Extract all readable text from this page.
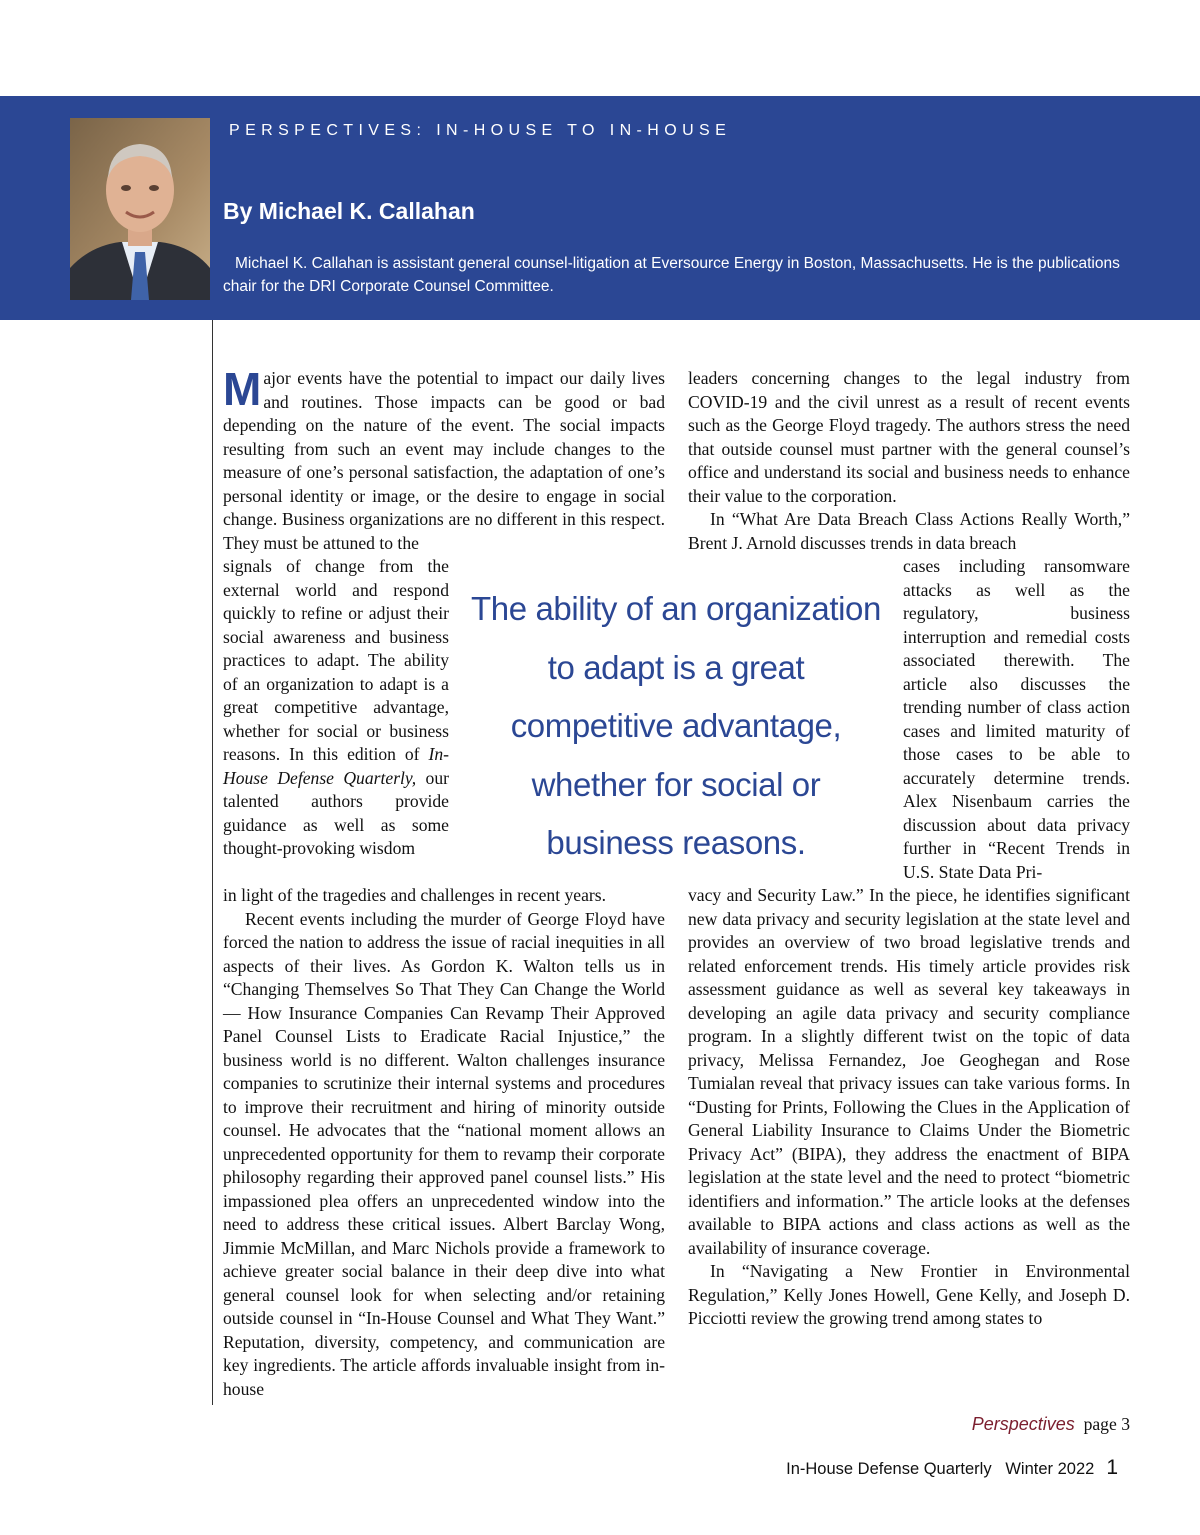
PERSPECTIVES: IN-HOUSE TO IN-HOUSE
By Michael K. Callahan
Michael K. Callahan is assistant general counsel-litigation at Eversource Energy in Boston, Massachusetts. He is the publications chair for the DRI Corporate Counsel Committee.

Major events have the potential to impact our daily lives and routines. Those impacts can be good or bad depending on the nature of the event. The social impacts resulting from such an event may include changes to the measure of one’s personal satisfaction, the adaptation of one’s personal identity or image, or the desire to engage in social change. Business organizations are no different in this respect. They must be attuned to the

signals of change from the external world and respond quickly to refine or adjust their social awareness and business practices to adapt. The ability of an organization to adapt is a great competitive advantage, whether for social or business reasons. In this edition of In-House Defense Quarterly, our talented authors provide guidance as well as some thought-provoking wisdom

The ability of an organization
to adapt is a great
competitive advantage,
whether for social or
business reasons.

in light of the tragedies and challenges in recent years.

Recent events including the murder of George Floyd have forced the nation to address the issue of racial inequities in all aspects of their lives. As Gordon K. Walton tells us in “Changing Themselves So That They Can Change the World — How Insurance Companies Can Revamp Their Approved Panel Counsel Lists to Eradicate Racial Injustice,” the business world is no different. Walton challenges insurance companies to scrutinize their internal systems and procedures to improve their recruitment and hiring of minority outside counsel. He advocates that the “national moment allows an unprecedented opportunity for them to revamp their corporate philosophy regarding their approved panel counsel lists.” His impassioned plea offers an unprecedented window into the need to address these critical issues. Albert Barclay Wong, Jimmie McMillan, and Marc Nichols provide a framework to achieve greater social balance in their deep dive into what general counsel look for when selecting and/or retaining outside counsel in “In-House Counsel and What They Want.” Reputation, diversity, competency, and communication are key ingredients. The article affords invaluable insight from in-house

leaders concerning changes to the legal industry from COVID-19 and the civil unrest as a result of recent events such as the George Floyd tragedy. The authors stress the need that outside counsel must partner with the general counsel’s office and understand its social and business needs to enhance their value to the corporation.

In “What Are Data Breach Class Actions Really Worth,” Brent J. Arnold discusses trends in data breach

cases including ransomware attacks as well as the regulatory, business interruption and remedial costs associated therewith. The article also discusses the trending number of class action cases and limited maturity of those cases to be able to accurately determine trends. Alex Nisenbaum carries the discussion about data privacy further in “Recent Trends in U.S. State Data Pri-

vacy and Security Law.” In the piece, he identifies significant new data privacy and security legislation at the state level and provides an overview of two broad legislative trends and related enforcement trends. His timely article provides risk assessment guidance as well as several key takeaways in developing an agile data privacy and security compliance program. In a slightly different twist on the topic of data privacy, Melissa Fernandez, Joe Geoghegan and Rose Tumialan reveal that privacy issues can take various forms. In “Dusting for Prints, Following the Clues in the Application of General Liability Insurance to Claims Under the Biometric Privacy Act” (BIPA), they address the enactment of BIPA legislation at the state level and the need to protect “biometric identifiers and information.” The article looks at the defenses available to BIPA actions and class actions as well as the availability of insurance coverage.

In “Navigating a New Frontier in Environmental Regulation,” Kelly Jones Howell, Gene Kelly, and Joseph D. Picciotti review the growing trend among states to

Perspectives page 3
In-House Defense Quarterly Winter 2022 1
